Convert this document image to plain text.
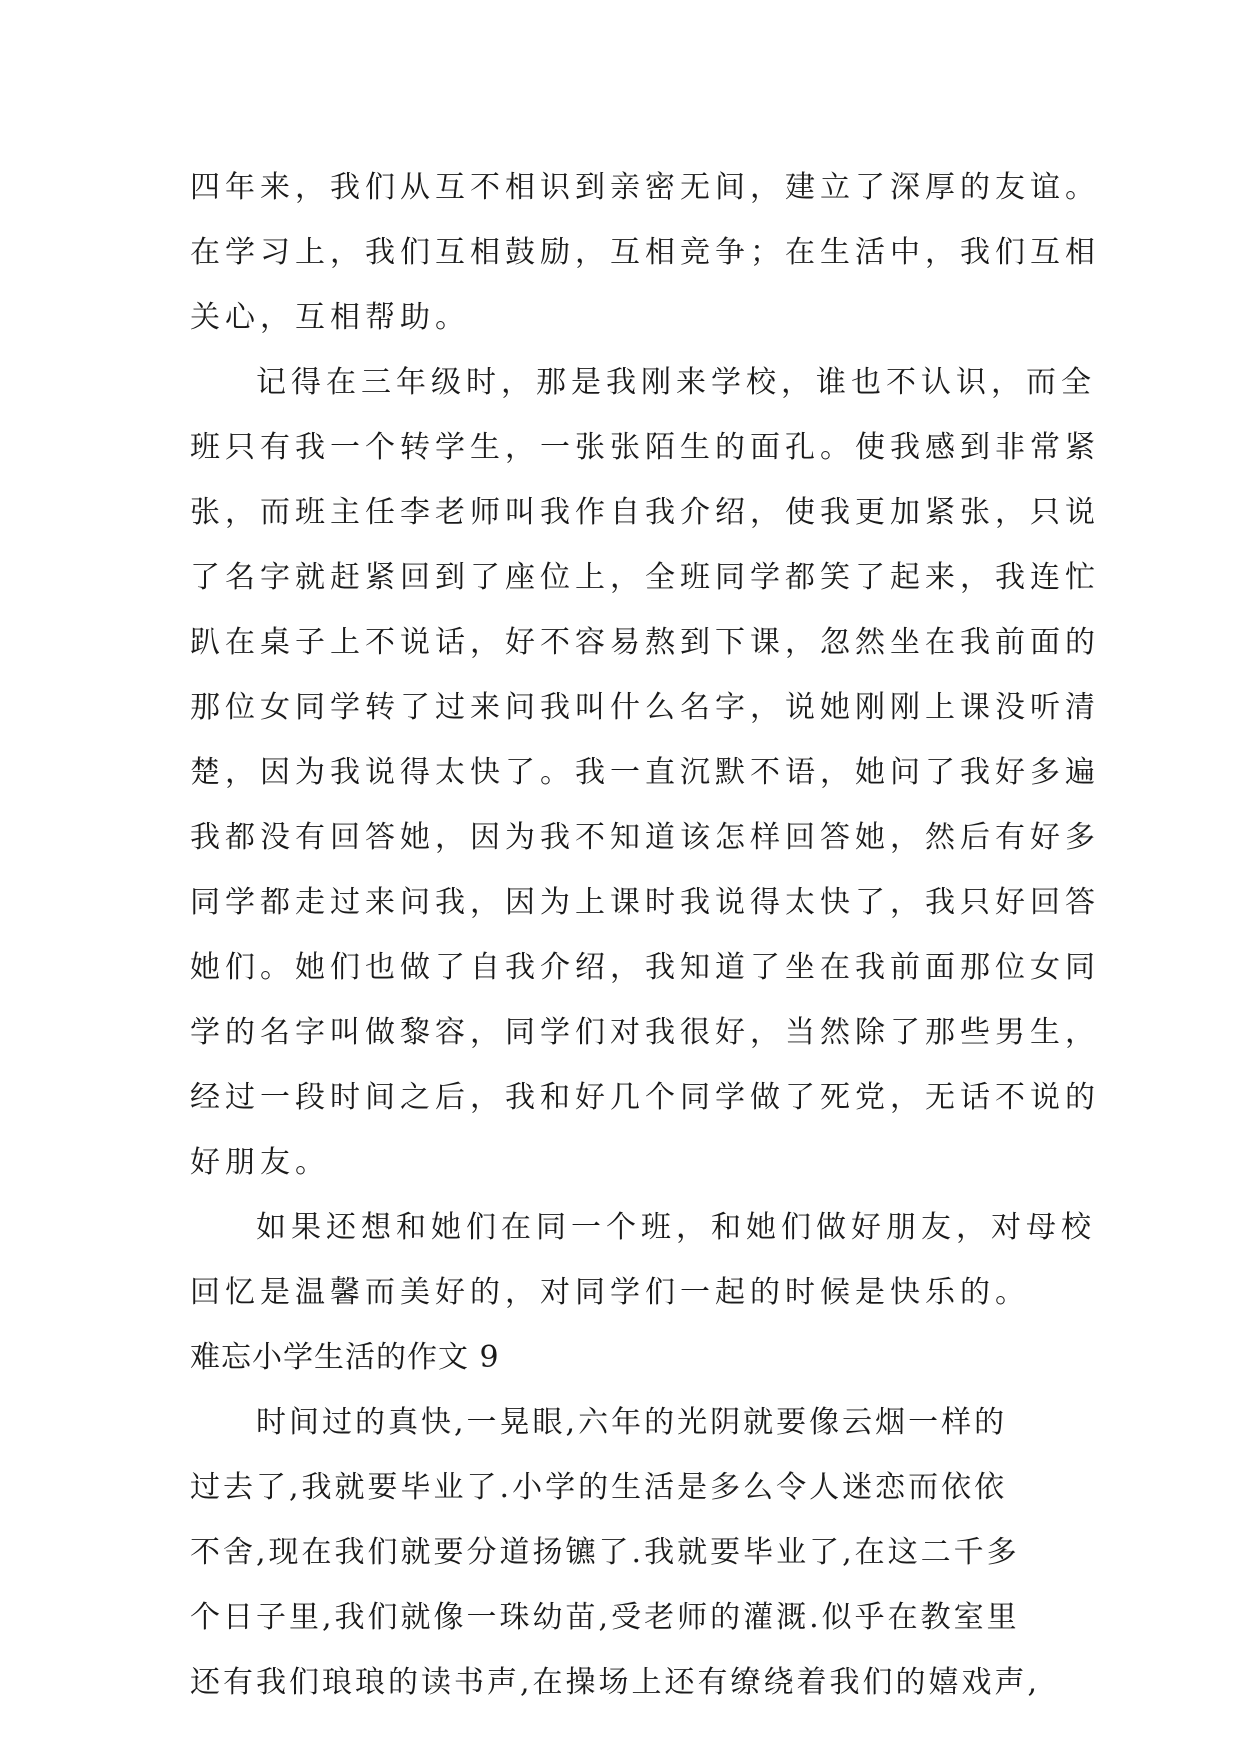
四年来，我们从互不相识到亲密无间，建立了深厚的友谊。
在学习上，我们互相鼓励，互相竞争；在生活中，我们互相
关心，互相帮助。
记得在三年级时，那是我刚来学校，谁也不认识，而全
班只有我一个转学生，一张张陌生的面孔。使我感到非常紧
张，而班主任李老师叫我作自我介绍，使我更加紧张，只说
了名字就赶紧回到了座位上，全班同学都笑了起来，我连忙
趴在桌子上不说话，好不容易熬到下课，忽然坐在我前面的
那位女同学转了过来问我叫什么名字，说她刚刚上课没听清
楚，因为我说得太快了。我一直沉默不语，她问了我好多遍
我都没有回答她，因为我不知道该怎样回答她，然后有好多
同学都走过来问我，因为上课时我说得太快了，我只好回答
她们。她们也做了自我介绍，我知道了坐在我前面那位女同
学的名字叫做黎容，同学们对我很好，当然除了那些男生，
经过一段时间之后，我和好几个同学做了死党，无话不说的
好朋友。
如果还想和她们在同一个班，和她们做好朋友，对母校
回忆是温馨而美好的，对同学们一起的时候是快乐的。
难忘小学生活的作文 9
时间过的真快,一晃眼,六年的光阴就要像云烟一样的
过去了,我就要毕业了.小学的生活是多么令人迷恋而依依
不舍,现在我们就要分道扬镳了.我就要毕业了,在这二千多
个日子里,我们就像一珠幼苗,受老师的灌溉.似乎在教室里
还有我们琅琅的读书声,在操场上还有缭绕着我们的嬉戏声,
